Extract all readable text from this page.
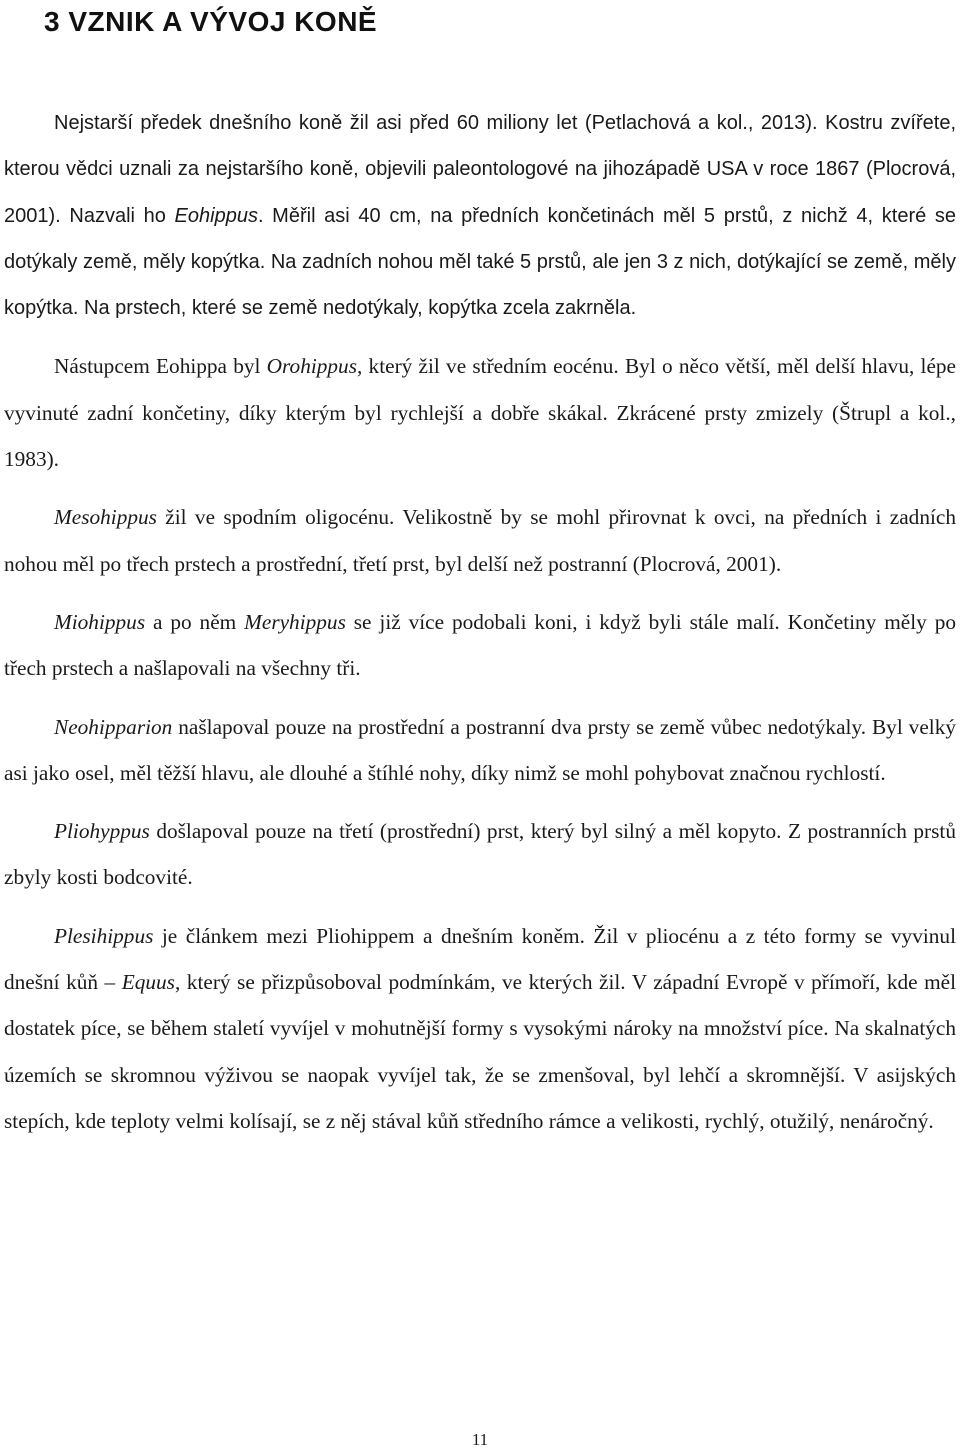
3 VZNIK A VÝVOJ KONĚ

Nejstarší předek dnešního koně žil asi před 60 miliony let (Petlachová a kol., 2013). Kostru zvířete, kterou vědci uznali za nejstaršího koně, objevili paleontologové na jihozápadě USA v roce 1867 (Plocrová, 2001). Nazvali ho Eohippus. Měřil asi 40 cm, na předních končetinách měl 5 prstů, z nichž 4, které se dotýkaly země, měly kopýtka. Na zadních nohou měl také 5 prstů, ale jen 3 z nich, dotýkající se země, měly kopýtka. Na prstech, které se země nedotýkaly, kopýtka zcela zakrněla.

Nástupcem Eohippa byl Orohippus, který žil ve středním eocénu. Byl o něco větší, měl delší hlavu, lépe vyvinuté zadní končetiny, díky kterým byl rychlejší a dobře skákal. Zkrácené prsty zmizely (Štrupl a kol., 1983).

Mesohippus žil ve spodním oligocénu. Velikostně by se mohl přirovnat k ovci, na předních i zadních nohou měl po třech prstech a prostřední, třetí prst, byl delší než postranní (Plocrová, 2001).

Miohippus a po něm Meryhippus se již více podobali koni, i když byli stále malí. Končetiny měly po třech prstech a našlapovali na všechny tři.

Neohipparion našlapoval pouze na prostřední a postranní dva prsty se země vůbec nedotýkaly. Byl velký asi jako osel, měl těžší hlavu, ale dlouhé a štíhlé nohy, díky nimž se mohl pohybovat značnou rychlostí.

Pliohyppus došlapoval pouze na třetí (prostřední) prst, který byl silný a měl kopyto. Z postranních prstů zbyly kosti bodcovité.

Plesihippus je článkem mezi Pliohippem a dnešním koněm. Žil v pliocénu a z této formy se vyvinul dnešní kůň – Equus, který se přizpůsoboval podmínkám, ve kterých žil. V západní Evropě v přímoří, kde měl dostatek píce, se během staletí vyvíjel v mohutnější formy s vysokými nároky na množství píce. Na skalnatých územích se skromnou výživou se naopak vyvíjel tak, že se zmenšoval, byl lehčí a skromnější. V asijských stepích, kde teploty velmi kolísají, se z něj stával kůň středního rámce a velikosti, rychlý, otužilý, nenáročný.

11
